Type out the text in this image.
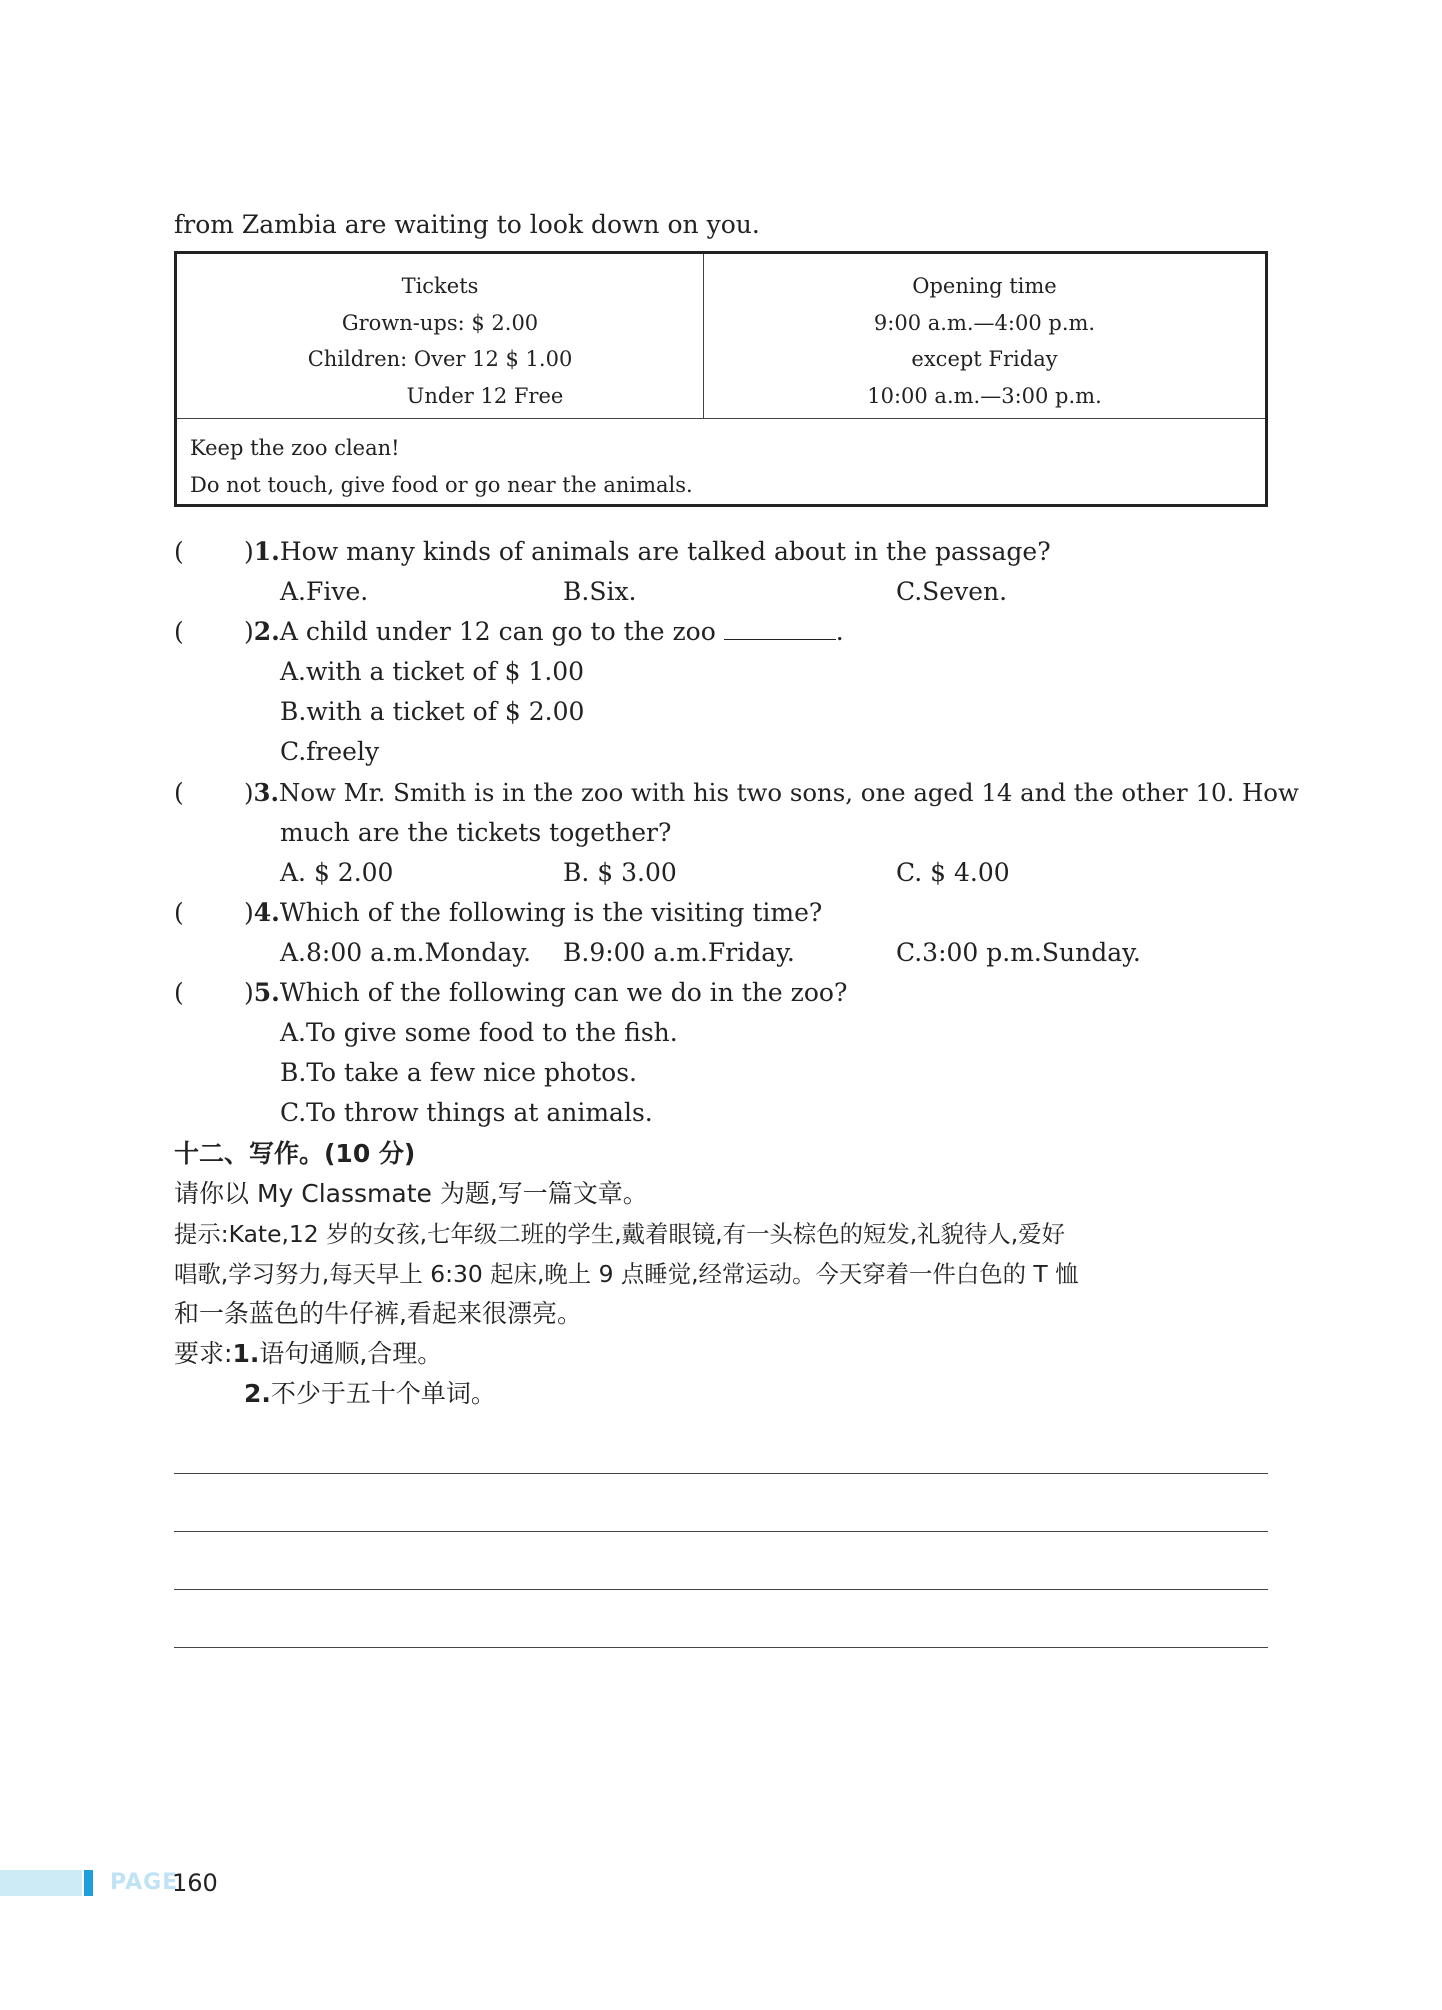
from Zambia are waiting to look down on you.
Tickets
Grown-ups: $ 2.00
Children: Over 12 $ 1.00
Under 12 Free
Opening time
9:00 a.m.—4:00 p.m.
except Friday
10:00 a.m.—3:00 p.m.
Keep the zoo clean!
Do not touch, give food or go near the animals.
( )1.How many kinds of animals are talked about in the passage?
A.Five.	B.Six.	C.Seven.
( )2.A child under 12 can go to the zoo	.
A.with a ticket of $ 1.00
B.with a ticket of $ 2.00
C.freely
( )3.Now Mr. Smith is in the zoo with his two sons, one aged 14 and the other 10. How
much are the tickets together?
A. $ 2.00	B. $ 3.00	C. $ 4.00
( )4.Which of the following is the visiting time?
A.8:00 a.m.Monday. B.9:00 a.m.Friday.	C.3:00 p.m.Sunday.
( )5.Which of the following can we do in the zoo?
A.To give some food to the fish.
B.To take a few nice photos.
C.To throw things at animals.
十二、写作。(10 分)
请你以 My Classmate 为题,写一篇文章。
提示:Kate,12 岁的女孩,七年级二班的学生,戴着眼镜,有一头棕色的短发,礼貌待人,爱好
唱歌,学习努力,每天早上 6:30 起床,晚上 9 点睡觉,经常运动。今天穿着一件白色的 T 恤
和一条蓝色的牛仔裤,看起来很漂亮。
要求:1.语句通顺,合理。
2.不少于五十个单词。
PAGE
160
